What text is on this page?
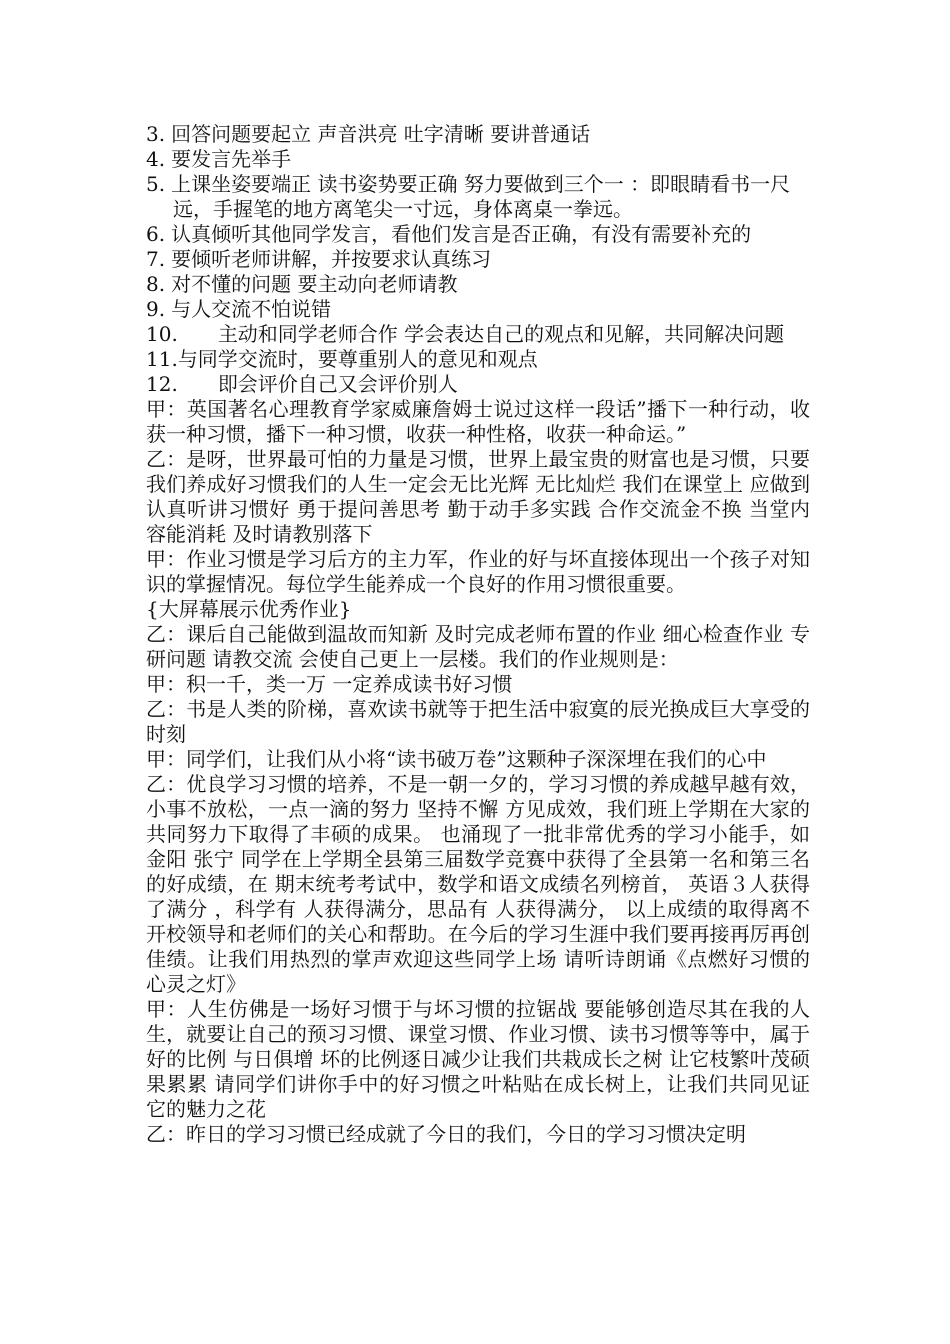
3. 回答问题要起立 声音洪亮 吐字清晰 要讲普通话

4. 要发言先举手

5. 上课坐姿要端正 读书姿势要正确 努力要做到三个一 ：即眼睛看书一尺远，手握笔的地方离笔尖一寸远，身体离桌一拳远。

6. 认真倾听其他同学发言，看他们发言是否正确，有没有需要补充的

7. 要倾听老师讲解，并按要求认真练习

8. 对不懂的问题 要主动向老师请教

9. 与人交流不怕说错

10. 主动和同学老师合作 学会表达自己的观点和见解，共同解决问题

11.与同学交流时，要尊重别人的意见和观点

12. 即会评价自己又会评价别人

甲：英国著名心理教育学家威廉詹姆士说过这样一段话”播下一种行动，收获一种习惯，播下一种习惯，收获一种性格，收获一种命运。”

乙：是呀，世界最可怕的力量是习惯，世界上最宝贵的财富也是习惯，只要我们养成好习惯我们的人生一定会无比光辉 无比灿烂 我们在课堂上 应做到 认真听讲习惯好 勇于提问善思考 勤于动手多实践 合作交流金不换 当堂内容能消耗 及时请教别落下

甲：作业习惯是学习后方的主力军，作业的好与坏直接体现出一个孩子对知识的掌握情况。每位学生能养成一个良好的作用习惯很重要。

{大屏幕展示优秀作业}

乙：课后自己能做到温故而知新 及时完成老师布置的作业 细心检查作业 专研问题 请教交流 会使自己更上一层楼。我们的作业规则是：

甲：积一千，类一万 一定养成读书好习惯

乙：书是人类的阶梯，喜欢读书就等于把生活中寂寞的辰光换成巨大享受的时刻

甲：同学们，让我们从小将“读书破万卷”这颗种子深深埋在我们的心中

乙：优良学习习惯的培养，不是一朝一夕的，学习习惯的养成越早越有效，小事不放松，一点一滴的努力 坚持不懈 方见成效，我们班上学期在大家的共同努力下取得了丰硕的成果。 也涌现了一批非常优秀的学习小能手，如金阳 张宁 同学在上学期全县第三届数学竞赛中获得了全县第一名和第三名的好成绩，在 期末统考考试中，数学和语文成绩名列榜首， 英语３人获得了满分 ，科学有 人获得满分，思品有 人获得满分， 以上成绩的取得离不开校领导和老师们的关心和帮助。在今后的学习生涯中我们要再接再厉再创佳绩。让我们用热烈的掌声欢迎这些同学上场 请听诗朗诵《点燃好习惯的心灵之灯》

甲：人生仿佛是一场好习惯于与坏习惯的拉锯战 要能够创造尽其在我的人生，就要让自己的预习习惯、课堂习惯、作业习惯、读书习惯等等中，属于好的比例 与日俱增 坏的比例逐日减少让我们共栽成长之树 让它枝繁叶茂硕果累累 请同学们讲你手中的好习惯之叶粘贴在成长树上，让我们共同见证它的魅力之花

乙：昨日的学习习惯已经成就了今日的我们，今日的学习习惯决定明
